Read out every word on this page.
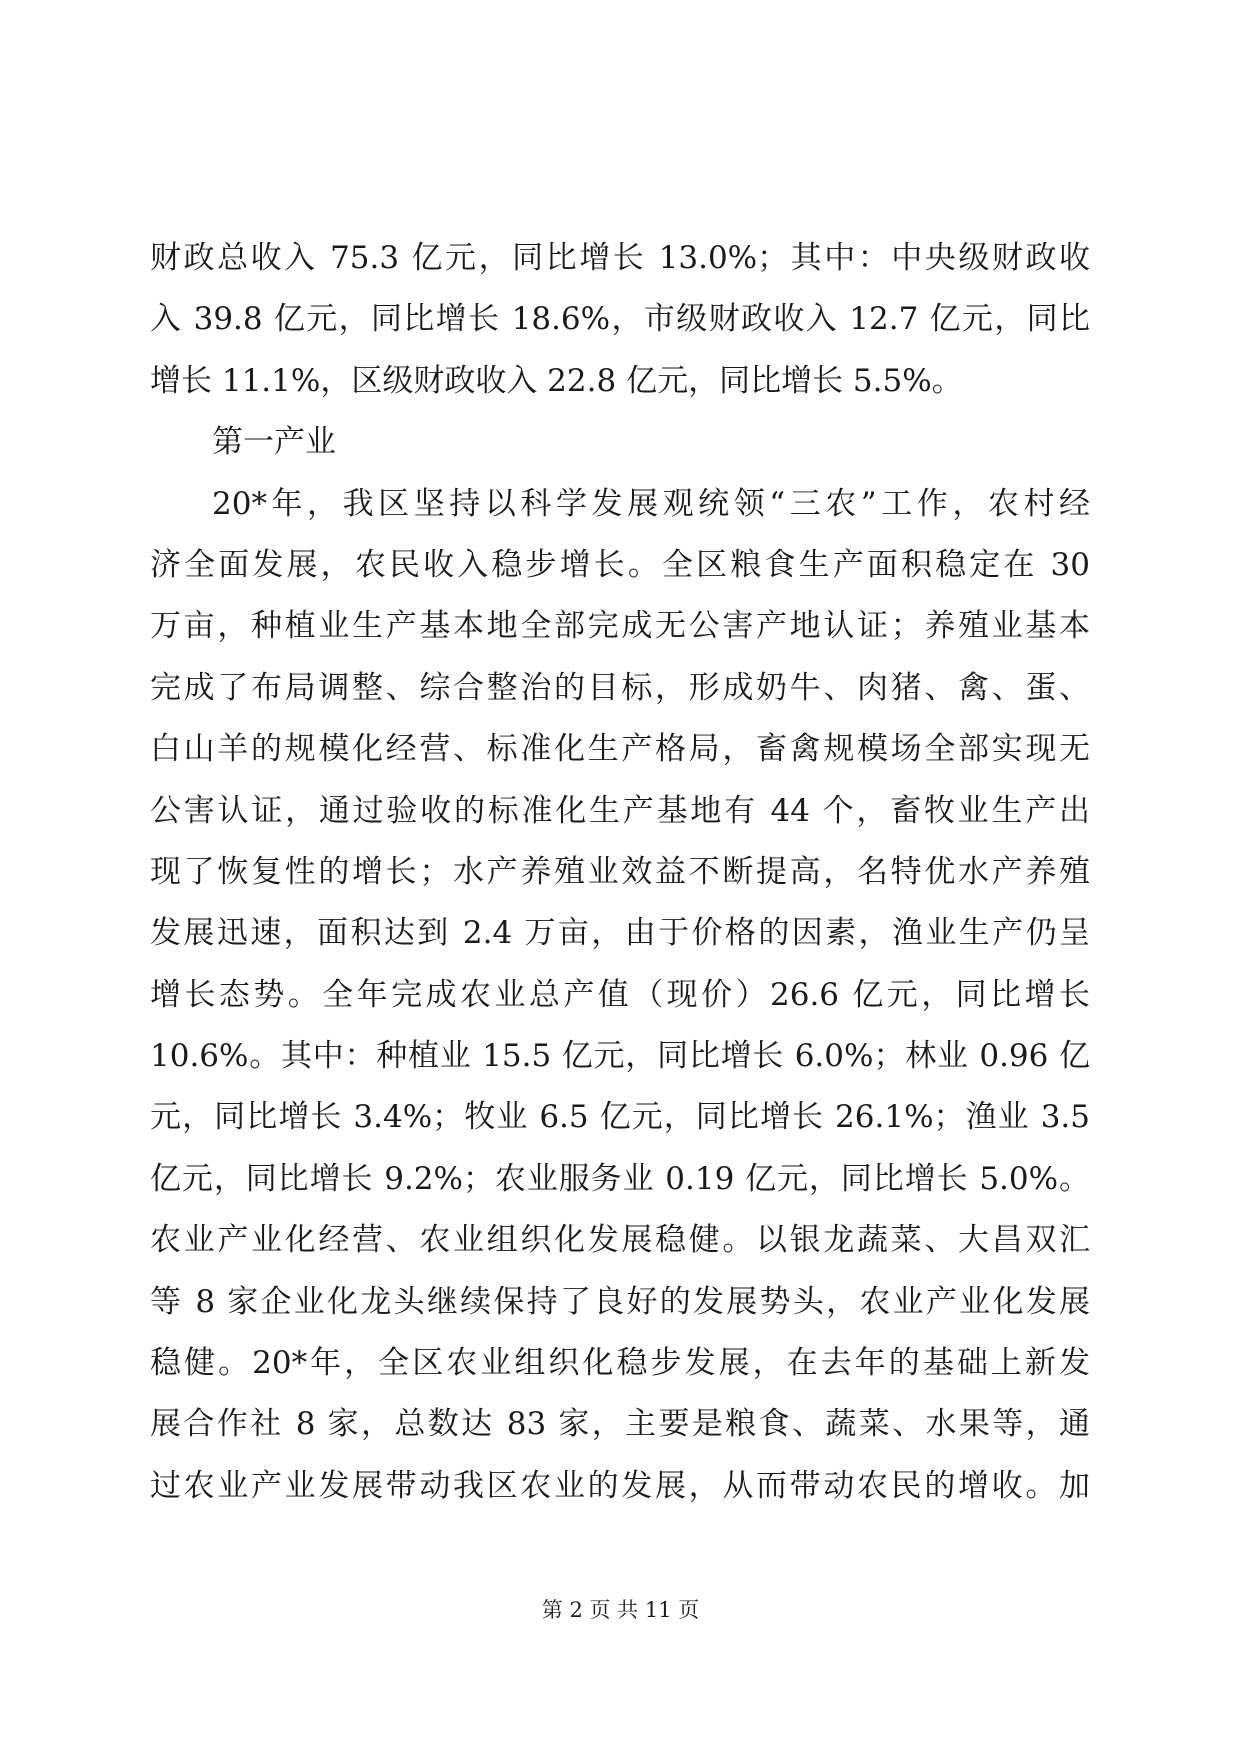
财政总收入 75.3 亿元，同比增长 13.0%；其中：中央级财政收
入 39.8 亿元，同比增长 18.6%，市级财政收入 12.7 亿元，同比
增长 11.1%，区级财政收入 22.8 亿元，同比增长 5.5%。
第一产业
20*年，我区坚持以科学发展观统领“三农”工作，农村经
济全面发展，农民收入稳步增长。全区粮食生产面积稳定在 30
万亩，种植业生产基本地全部完成无公害产地认证；养殖业基本
完成了布局调整、综合整治的目标，形成奶牛、肉猪、禽、蛋、
白山羊的规模化经营、标准化生产格局，畜禽规模场全部实现无
公害认证，通过验收的标准化生产基地有 44 个，畜牧业生产出
现了恢复性的增长；水产养殖业效益不断提高，名特优水产养殖
发展迅速，面积达到 2.4 万亩，由于价格的因素，渔业生产仍呈
增长态势。全年完成农业总产值（现价）26.6 亿元，同比增长
10.6%。其中：种植业 15.5 亿元，同比增长 6.0%；林业 0.96 亿
元，同比增长 3.4%；牧业 6.5 亿元，同比增长 26.1%；渔业 3.5
亿元，同比增长 9.2%；农业服务业 0.19 亿元，同比增长 5.0%。
农业产业化经营、农业组织化发展稳健。以银龙蔬菜、大昌双汇
等 8 家企业化龙头继续保持了良好的发展势头，农业产业化发展
稳健。20*年，全区农业组织化稳步发展，在去年的基础上新发
展合作社 8 家，总数达 83 家，主要是粮食、蔬菜、水果等，通
过农业产业发展带动我区农业的发展，从而带动农民的增收。加
第 2 页 共 11 页
